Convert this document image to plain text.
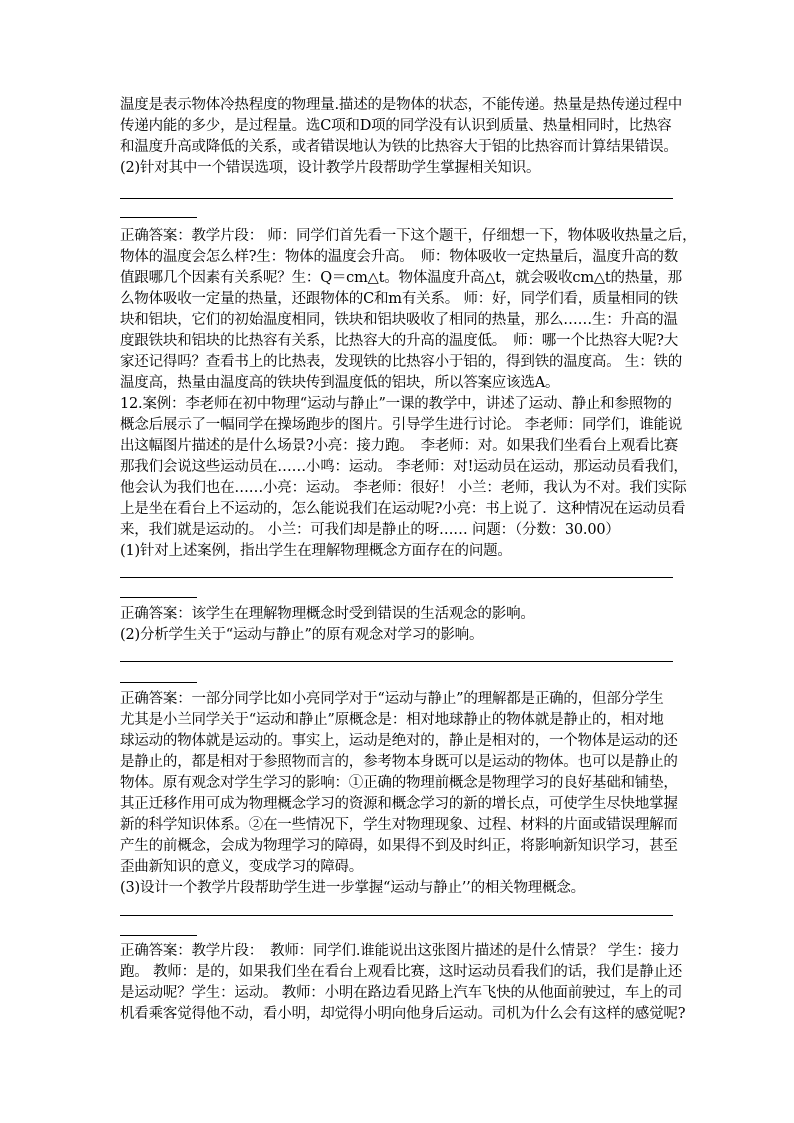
温度是表示物体冷热程度的物理量.描述的是物体的状态，不能传递。热量是热传递过程中
传递内能的多少，是过程量。选C项和D项的同学没有认识到质量、热量相同时，比热容
和温度升高或降低的关系，或者错误地认为铁的比热容大于铝的比热容而计算结果错误。
(2)针对其中一个错误选项，设计教学片段帮助学生掌握相关知识。
正确答案：教学片段： 师：同学们首先看一下这个题干，仔细想一下，物体吸收热量之后，
物体的温度会怎么样?生：物体的温度会升高。　师：物体吸收一定热量后，温度升高的数
值跟哪几个因素有关系呢？生：Q＝cm△t。物体温度升高△t，就会吸收cm△t的热量，那
么物体吸收一定量的热量，还跟物体的C和m有关系。 师：好，同学们看，质量相同的铁
块和铝块，它们的初始温度相同，铁块和铝块吸收了相同的热量，那么……生：升高的温
度跟铁块和铝块的比热容有关系，比热容大的升高的温度低。　师：哪一个比热容大呢?大
家还记得吗？查看书上的比热表，发现铁的比热容小于铝的，得到铁的温度高。 生：铁的
温度高，热量由温度高的铁块传到温度低的铝块，所以答案应该选A。
12.案例：李老师在初中物理“运动与静止”一课的教学中，讲述了运动、静止和参照物的
概念后展示了一幅同学在操场跑步的图片。引导学生进行讨论。 李老师：同学们，谁能说
出这幅图片描述的是什么场景?小亮：接力跑。　李老师：对。如果我们坐看台上观看比赛
那我们会说这些运动员在……小鸣：运动。 李老师：对!运动员在运动，那运动员看我们，
他会认为我们也在……小亮：运动。 李老师：很好！ 小兰：老师，我认为不对。我们实际
上是坐在看台上不运动的，怎么能说我们在运动呢?小亮：书上说了．这种情况在运动员看
来，我们就是运动的。 小兰：可我们却是静止的呀…… 问题：（分数：30.00）
(1)针对上述案例，指出学生在理解物理概念方面存在的问题。
正确答案：该学生在理解物理概念时受到错误的生活观念的影响。
(2)分析学生关于“运动与静止”的原有观念对学习的影响。
正确答案：一部分同学比如小亮同学对于“运动与静止”的理解都是正确的，但部分学生
尤其是小兰同学关于“运动和静止”原概念是：相对地球静止的物体就是静止的，相对地
球运动的物体就是运动的。事实上，运动是绝对的，静止是相对的，一个物体是运动的还
是静止的，都是相对于参照物而言的，参考物本身既可以是运动的物体。也可以是静止的
物体。原有观念对学生学习的影响：①正确的物理前概念是物理学习的良好基础和铺垫，
其正迁移作用可成为物理概念学习的资源和概念学习的新的增长点，可使学生尽快地掌握
新的科学知识体系。②在一些情况下，学生对物理现象、过程、材料的片面或错误理解而
产生的前概念，会成为物理学习的障碍，如果得不到及时纠正，将影响新知识学习，甚至
歪曲新知识的意义，变成学习的障碍。
(3)设计一个教学片段帮助学生进一步掌握“运动与静止’’的相关物理概念。
正确答案：教学片段：　教师：同学们.谁能说出这张图片描述的是什么情景？ 学生：接力
跑。 教师：是的，如果我们坐在看台上观看比赛，这时运动员看我们的话，我们是静止还
是运动呢？学生：运动。 教师：小明在路边看见路上汽车飞快的从他面前驶过，车上的司
机看乘客觉得他不动，看小明，却觉得小明向他身后运动。司机为什么会有这样的感觉呢?
